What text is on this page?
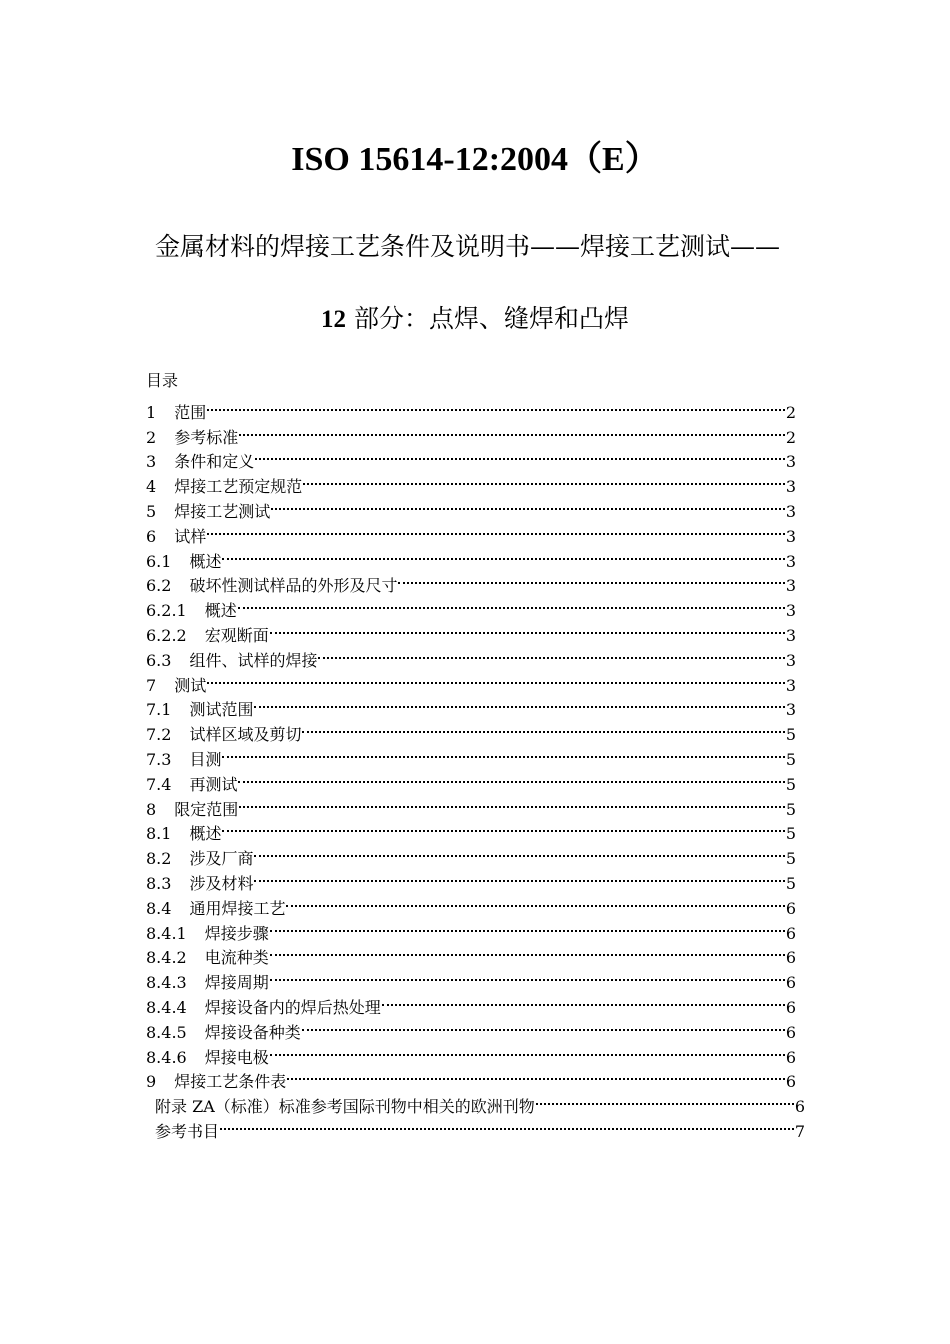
ISO 15614-12:2004（E）

金属材料的焊接工艺条件及说明书——焊接工艺测试——

12 部分：点焊、缝焊和凸焊

目录

1	范围	2
2	参考标准	2
3	条件和定义	3
4	焊接工艺预定规范	3
5	焊接工艺测试	3
6	试样	3
6.1	概述	3
6.2	破坏性测试样品的外形及尺寸	3
6.2.1	概述	3
6.2.2	宏观断面	3
6.3	组件、试样的焊接	3
7	测试	3
7.1	测试范围	3
7.2	试样区域及剪切	5
7.3	目测	5
7.4	再测试	5
8	限定范围	5
8.1	概述	5
8.2	涉及厂商	5
8.3	涉及材料	5
8.4	通用焊接工艺	6
8.4.1	焊接步骤	6
8.4.2	电流种类	6
8.4.3	焊接周期	6
8.4.4	焊接设备内的焊后热处理	6
8.4.5	焊接设备种类	6
8.4.6	焊接电极	6
9	焊接工艺条件表	6
附录 ZA（标准）标准参考国际刊物中相关的欧洲刊物	6
参考书目	7
